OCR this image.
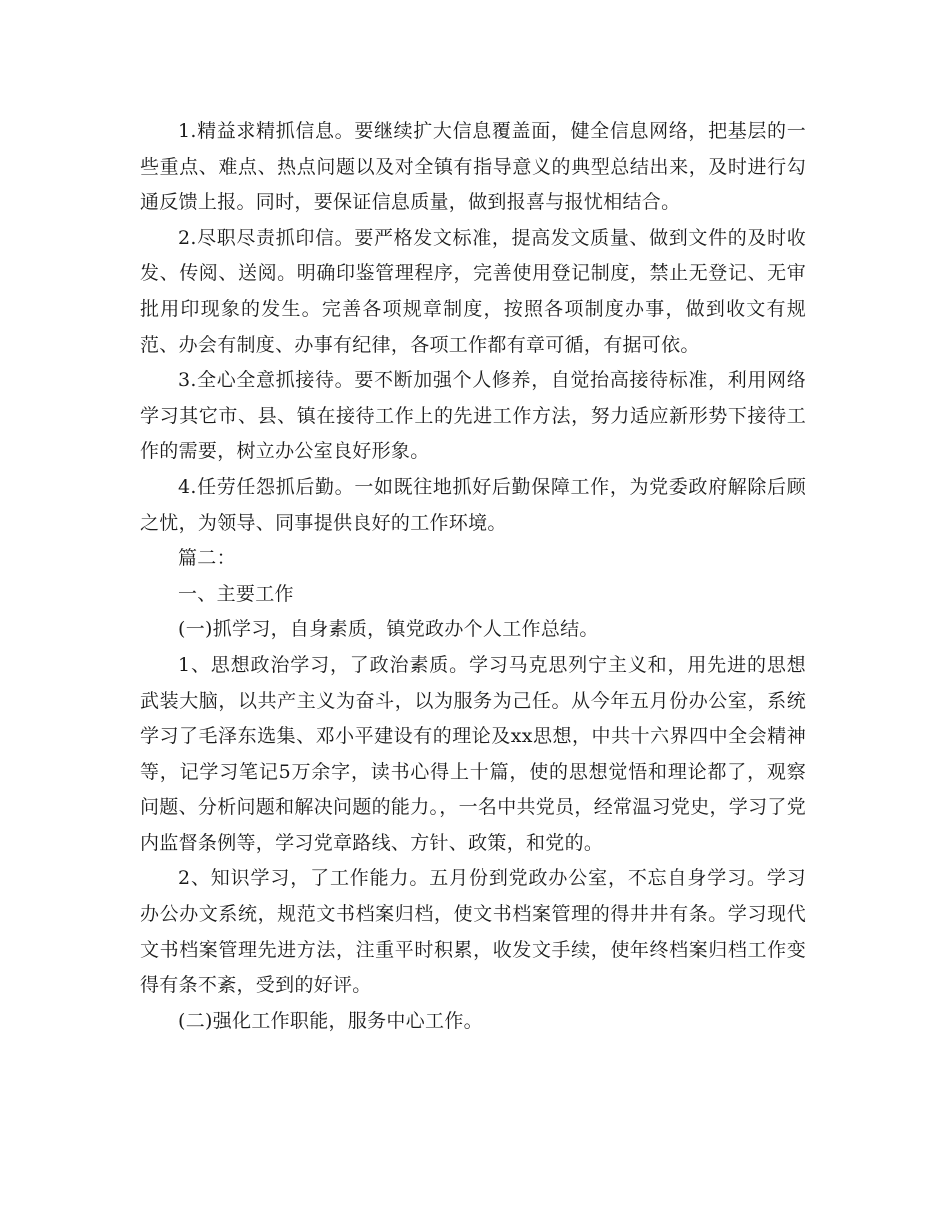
1.精益求精抓信息。要继续扩大信息覆盖面，健全信息网络，把基层的一些重点、难点、热点问题以及对全镇有指导意义的典型总结出来，及时进行勾通反馈上报。同时，要保证信息质量，做到报喜与报忧相结合。

2.尽职尽责抓印信。要严格发文标准，提高发文质量、做到文件的及时收发、传阅、送阅。明确印鉴管理程序，完善使用登记制度，禁止无登记、无审批用印现象的发生。完善各项规章制度，按照各项制度办事，做到收文有规范、办会有制度、办事有纪律，各项工作都有章可循，有据可依。

3.全心全意抓接待。要不断加强个人修养，自觉抬高接待标准，利用网络学习其它市、县、镇在接待工作上的先进工作方法，努力适应新形势下接待工作的需要，树立办公室良好形象。

4.任劳任怨抓后勤。一如既往地抓好后勤保障工作，为党委政府解除后顾之忧，为领导、同事提供良好的工作环境。

篇二：

一、主要工作

(一)抓学习，自身素质，镇党政办个人工作总结。

1、思想政治学习，了政治素质。学习马克思列宁主义和，用先进的思想武装大脑，以共产主义为奋斗，以为服务为己任。从今年五月份办公室，系统学习了毛泽东选集、邓小平建设有的理论及xx思想，中共十六界四中全会精神等，记学习笔记5万余字，读书心得上十篇，使的思想觉悟和理论都了，观察问题、分析问题和解决问题的能力。，一名中共党员，经常温习党史，学习了党内监督条例等，学习党章路线、方针、政策，和党的。

2、知识学习，了工作能力。五月份到党政办公室，不忘自身学习。学习办公办文系统，规范文书档案归档，使文书档案管理的得井井有条。学习现代文书档案管理先进方法，注重平时积累，收发文手续，使年终档案归档工作变得有条不紊，受到的好评。

(二)强化工作职能，服务中心工作。
